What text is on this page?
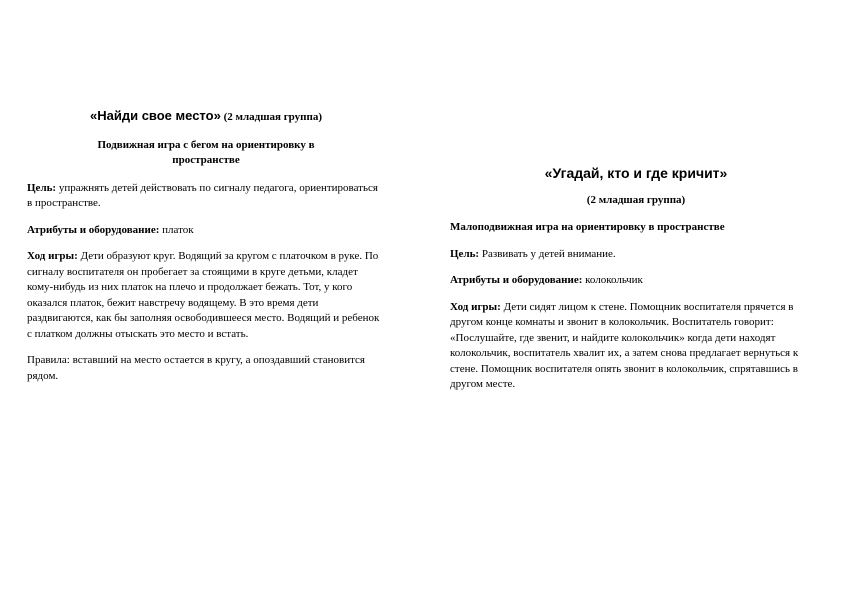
«Найди свое место» (2 младшая группа)

Подвижная игра с бегом на ориентировку в пространстве

Цель: упражнять детей действовать по сигналу педагога, ориентироваться в пространстве.

Атрибуты и оборудование: платок

Ход игры: Дети образуют круг. Водящий за кругом с платочком в руке. По сигналу воспитателя он пробегает за стоящими в круге детьми, кладет кому-нибудь из них платок на плечо и продолжает бежать. Тот, у кого оказался платок, бежит навстречу водящему. В это время дети раздвигаются, как бы заполняя освободившееся место. Водящий и ребенок с платком должны отыскать это место и встать.

Правила: вставший на место остается в кругу, а опоздавший становится рядом.

«Угадай, кто и где кричит»

(2 младшая группа)

Малоподвижная игра на ориентировку в пространстве

Цель: Развивать у детей внимание.

Атрибуты и оборудование: колокольчик

Ход игры: Дети сидят лицом к стене. Помощник воспитателя прячется в другом конце комнаты и звонит в колокольчик. Воспитатель говорит: «Послушайте, где звенит, и найдите колокольчик» когда дети находят колокольчик, воспитатель хвалит их, а затем снова предлагает вернуться к стене. Помощник воспитателя опять звонит в колокольчик, спрятавшись в другом месте.
